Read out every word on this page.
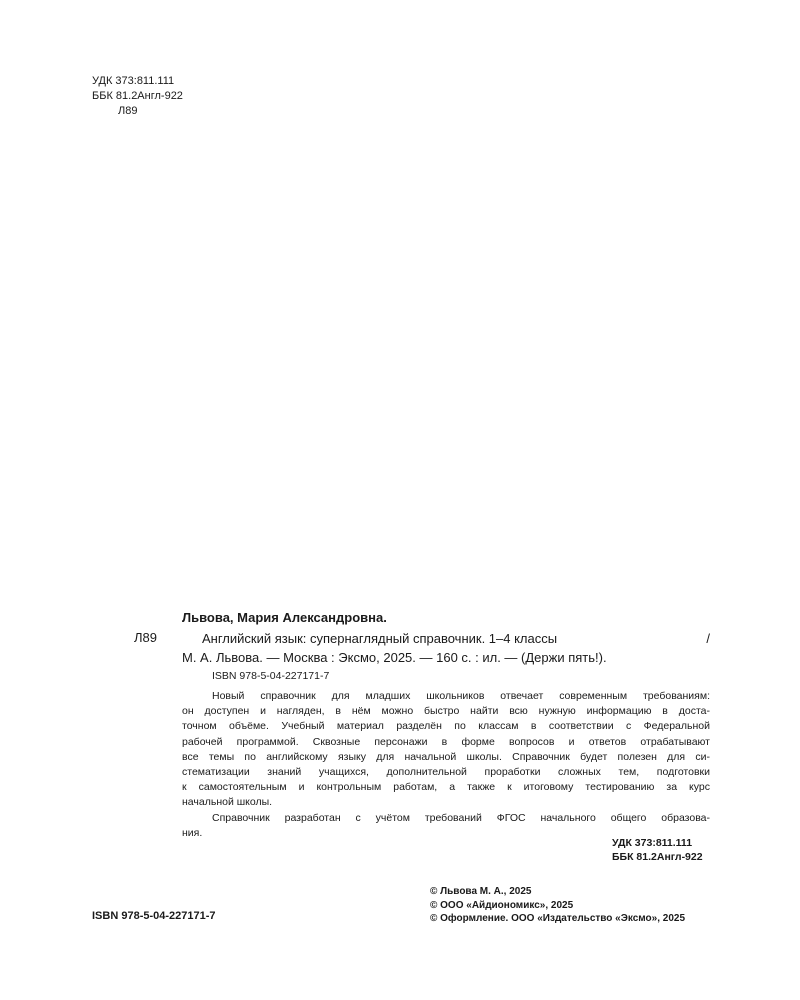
УДК 373:811.111
ББК 81.2Англ-922
Л89
Львова, Мария Александровна.
Л89	Английский язык: супернаглядный справочник. 1–4 классы	/
М. А. Львова. — Москва : Эксмо, 2025. — 160 с. : ил. — (Держи пять!).
ISBN 978-5-04-227171-7

Новый справочник для младших школьников отвечает современным требованиям:
он доступен и нагляден, в нём можно быстро найти всю нужную информацию в доста-
точном объёме. Учебный материал разделён по классам в соответствии с Федеральной
рабочей программой. Сквозные персонажи в форме вопросов и ответов отрабатывают
все темы по английскому языку для начальной школы. Справочник будет полезен для си-
стематизации знаний учащихся, дополнительной проработки сложных тем, подготовки
к самостоятельным и контрольным работам, а также к итоговому тестированию за курс
начальной школы.

Справочник разработан с учётом требований ФГОС начального общего образова-
ния.

УДК 373:811.111
ББК 81.2Англ-922
© Львова М. А., 2025
© ООО «Айдиономикс», 2025
© Оформление. ООО «Издательство «Эксмо», 2025
ISBN 978-5-04-227171-7
